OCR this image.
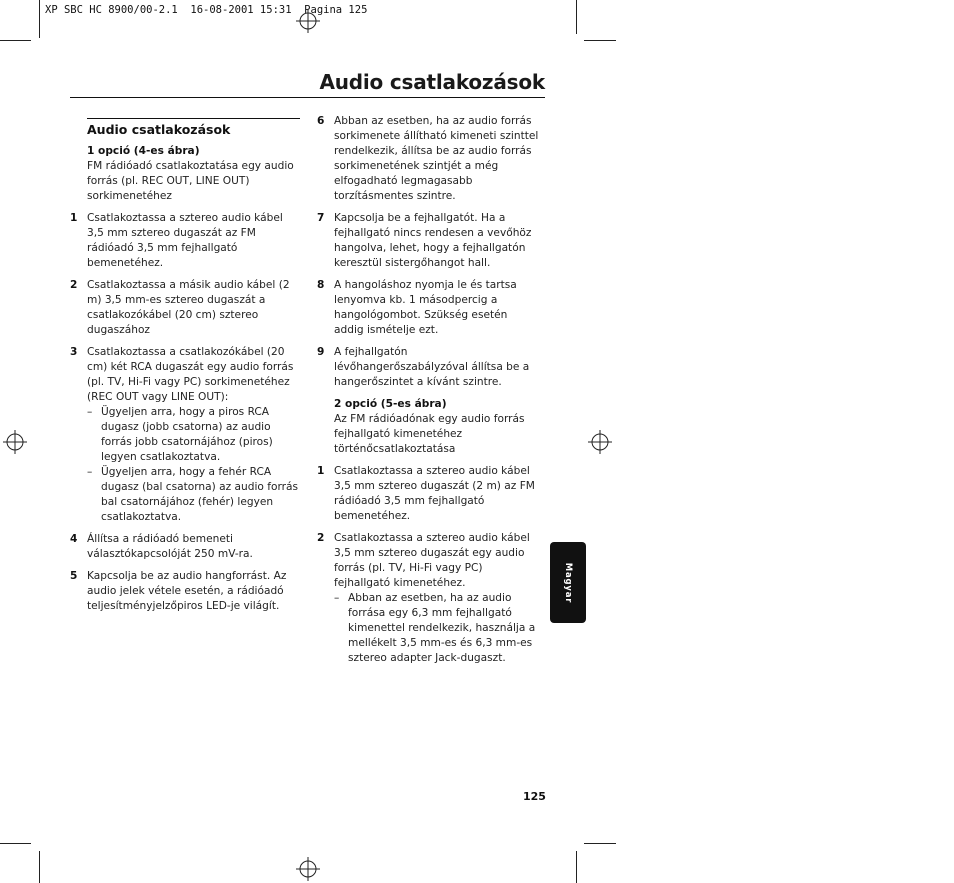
XP SBC HC 8900/00-2.1  16-08-2001 15:31  Pagina 125
Audio csatlakozások
Audio csatlakozások
1 opció (4-es ábra)
FM rádióadó csatlakoztatása egy audio forrás (pl. REC OUT, LINE OUT) sorkimenetéhez
1 Csatlakoztassa a sztereo audio kábel 3,5 mm sztereo dugaszát az FM rádióadó 3,5 mm fejhallgató bemenetéhez.
2 Csatlakoztassa a másik audio kábel (2 m) 3,5 mm-es sztereo dugaszát a csatlakozókábel (20 cm) sztereo dugaszához
3 Csatlakoztassa a csatlakozókábel (20 cm) két RCA dugaszát egy audio forrás (pl. TV, Hi-Fi vagy PC) sorkimenetéhez (REC OUT vagy LINE OUT):
– Ügyeljen arra, hogy a piros RCA dugasz (jobb csatorna) az audio forrás jobb csatornájához (piros) legyen csatlakoztatva.
– Ügyeljen arra, hogy a fehér RCA dugasz (bal csatorna) az audio forrás bal csatornájához (fehér) legyen csatlakoztatva.
4 Állítsa a rádióadó bemeneti választókapcsolóját 250 mV-ra.
5 Kapcsolja be az audio hangforrást. Az audio jelek vétele esetén, a rádióadó teljesítményjelzőpiros LED-je világít.
6 Abban az esetben, ha az audio forrás sorkimenete állítható kimeneti szinttel rendelkezik, állítsa be az audio forrás sorkimenetének szintjét a még elfogadható legmagasabb torzításmentes szintre.
7 Kapcsolja be a fejhallgatót. Ha a fejhallgató nincs rendesen a vevőhöz hangolva, lehet, hogy a fejhallgatón keresztül sistergőhangot hall.
8 A hangoláshoz nyomja le és tartsa lenyomva kb. 1 másodpercig a hangológombot. Szükség esetén addig ismételje ezt.
9 A fejhallgatón lévőhangerőszabályzóval állítsa be a hangerőszintet a kívánt szintre.
2 opció (5-es ábra)
Az FM rádióadónak egy audio forrás fejhallgató kimenetéhez történőcsatlakoztatása
1 Csatlakoztassa a sztereo audio kábel 3,5 mm sztereo dugaszát (2 m) az FM rádióadó 3,5 mm fejhallgató bemenetéhez.
2 Csatlakoztassa a sztereo audio kábel 3,5 mm sztereo dugaszát egy audio forrás (pl. TV, Hi-Fi vagy PC) fejhallgató kimenetéhez.
– Abban az esetben, ha az audio forrása egy 6,3 mm fejhallgató kimenettel rendelkezik, használja a mellékelt 3,5 mm-es és 6,3 mm-es sztereo adapter Jack-dugaszt.
Magyar
125
